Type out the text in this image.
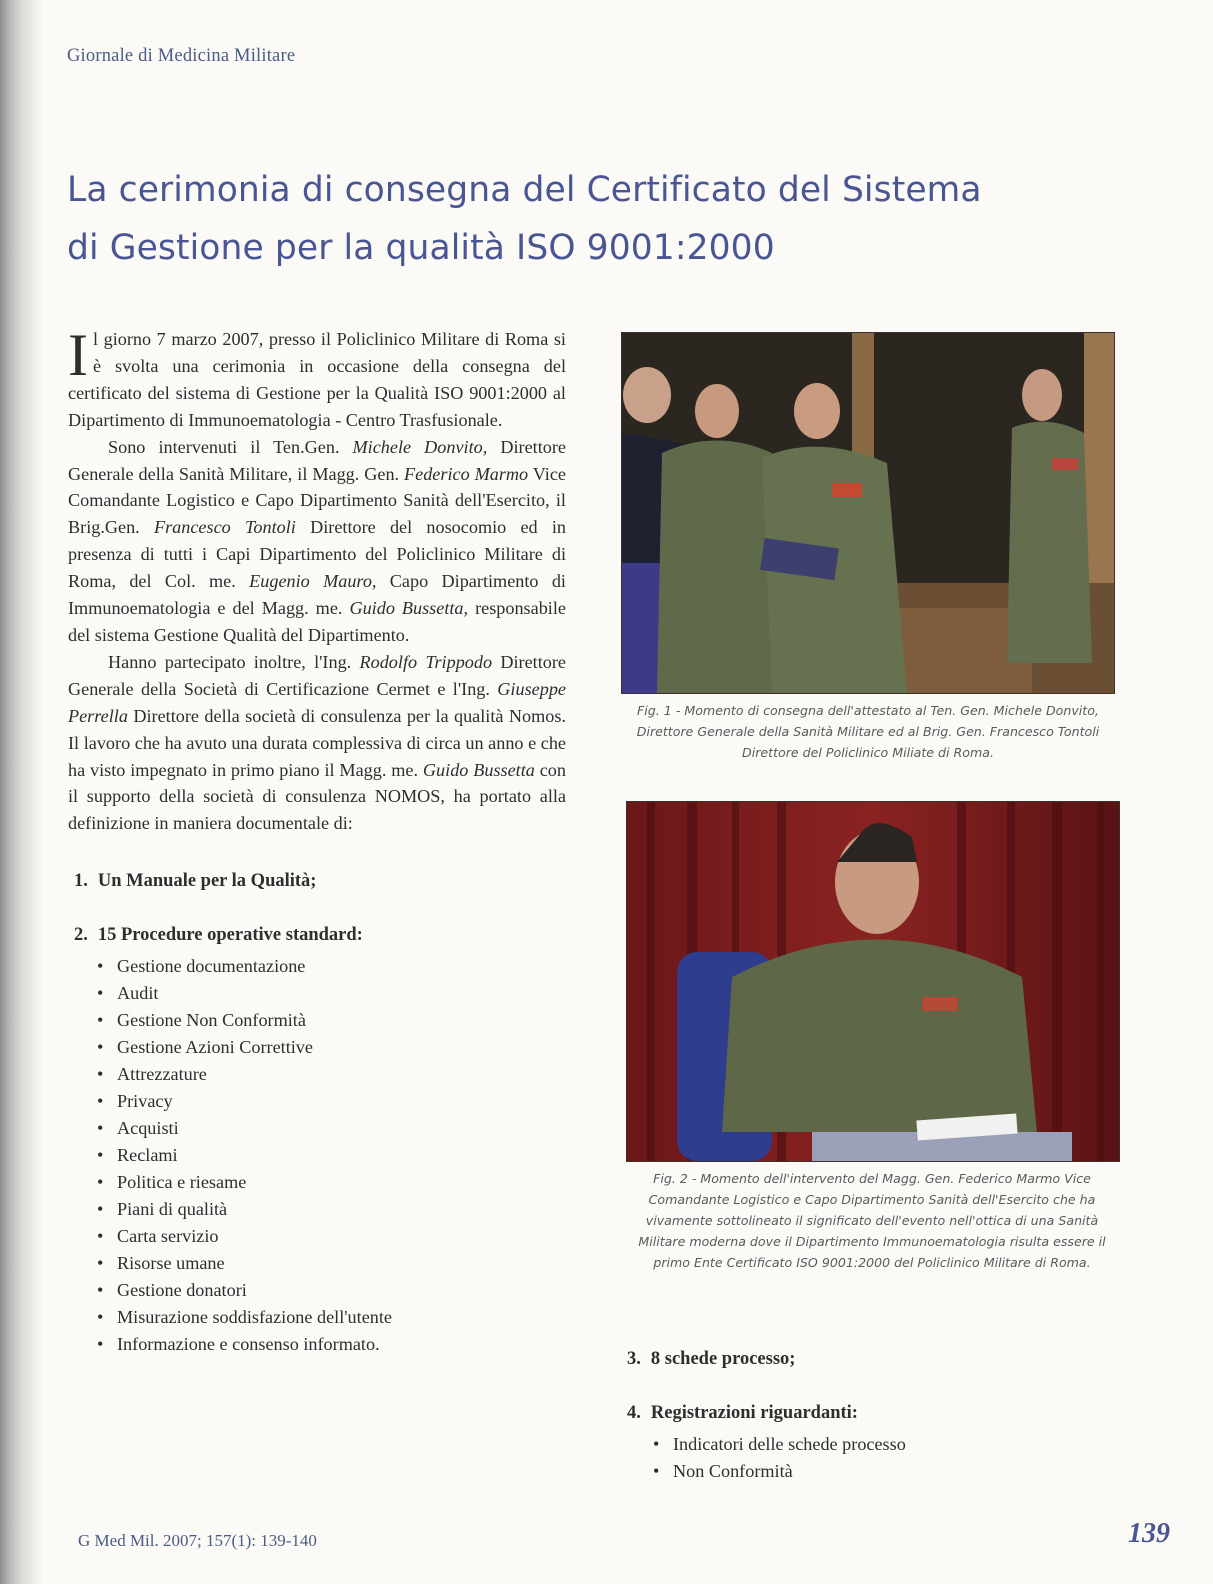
Giornale di Medicina Militare
La cerimonia di consegna del Certificato del Sistema
di Gestione per la qualità ISO 9001:2000

Il giorno 7 marzo 2007, presso il Policlinico Militare di Roma si è svolta una cerimonia in occasione della consegna del certificato del sistema di Gestione per la Qualità ISO 9001:2000 al Dipartimento di Immunoematologia - Centro Trasfusionale.

Sono intervenuti il Ten.Gen. Michele Donvito, Direttore Generale della Sanità Militare, il Magg. Gen. Federico Marmo Vice Comandante Logistico e Capo Dipartimento Sanità dell'Esercito, il Brig.Gen. Francesco Tontoli Direttore del nosocomio ed in presenza di tutti i Capi Dipartimento del Policlinico Militare di Roma, del Col. me. Eugenio Mauro, Capo Dipartimento di Immunoematologia e del Magg. me. Guido Bussetta, responsabile del sistema Gestione Qualità del Dipartimento.

Hanno partecipato inoltre, l'Ing. Rodolfo Trippodo Direttore Generale della Società di Certificazione Cermet e l'Ing. Giuseppe Perrella Direttore della società di consulenza per la qualità Nomos. Il lavoro che ha avuto una durata complessiva di circa un anno e che ha visto impegnato in primo piano il Magg. me. Guido Bussetta con il supporto della società di consulenza NOMOS, ha portato alla definizione in maniera documentale di:

1. Un Manuale per la Qualità;
2. 15 Procedure operative standard:
• Gestione documentazione
• Audit
• Gestione Non Conformità
• Gestione Azioni Correttive
• Attrezzature
• Privacy
• Acquisti
• Reclami
• Politica e riesame
• Piani di qualità
• Carta servizio
• Risorse umane
• Gestione donatori
• Misurazione soddisfazione dell'utente
• Informazione e consenso informato.
Fig. 1 - Momento di consegna dell'attestato al Ten. Gen. Michele Donvito, Direttore Generale della Sanità Militare ed al Brig. Gen. Francesco Tontoli Direttore del Policlinico Miliate di Roma.
Fig. 2 - Momento dell'intervento del Magg. Gen. Federico Marmo Vice Comandante Logistico e Capo Dipartimento Sanità dell'Esercito che ha vivamente sottolineato il significato dell'evento nell'ottica di una Sanità Militare moderna dove il Dipartimento Immunoematologia risulta essere il primo Ente Certificato ISO 9001:2000 del Policlinico Militare di Roma.
3. 8 schede processo;
4. Registrazioni riguardanti:
• Indicatori delle schede processo
• Non Conformità
G Med Mil. 2007; 157(1): 139-140	139
